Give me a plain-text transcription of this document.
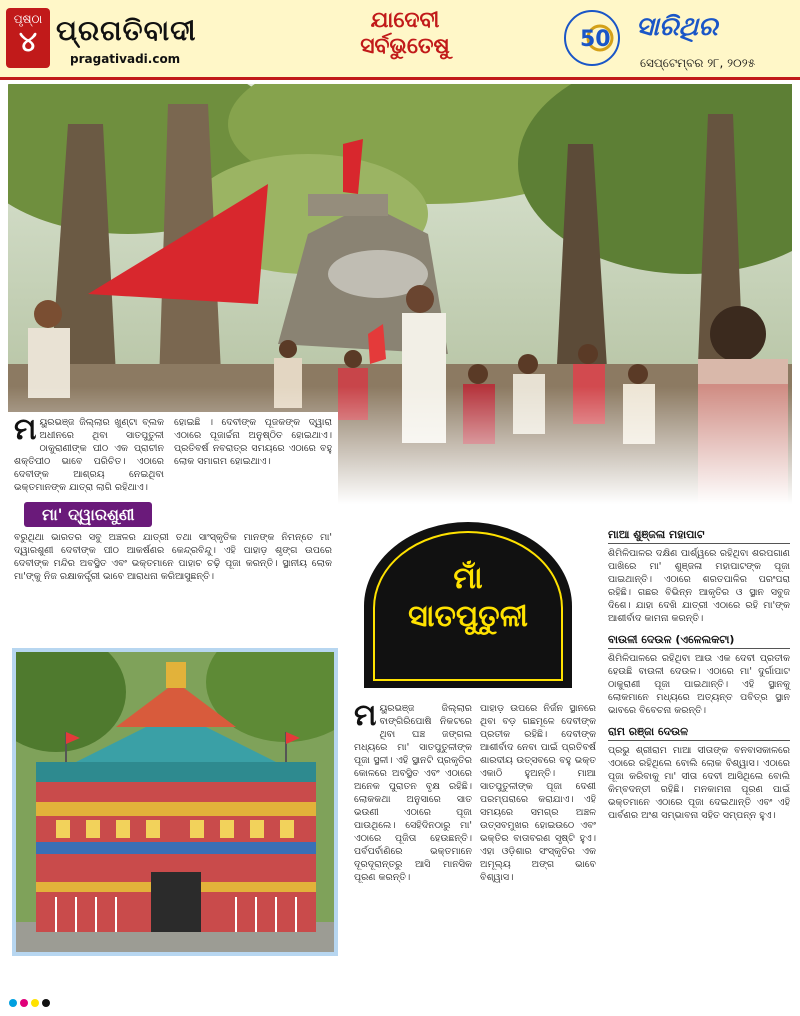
ପୃଷ୍ଠା
୪ ପ୍ରଗତିବାଦୀ
pragativadi.com
ଯାଦେବୀ
ସର୍ବଭୁତେଷୁ	50 ସାରିଥିର
ସେପ୍ଟେମ୍ବର ୨୮, ୨୦୨୫
ମ ୟୁରଭଞ୍ଜ ଜିଲ୍ଲାର ଖୁଣ୍ଟା ବ୍ଲକ ଅଧୀନରେ ଥିବା ସାତପୁତୁଳୀ ଠାକୁରାଣୀଙ୍କ ପୀଠ ଏକ ପ୍ରାଚୀନ ଶକ୍ତିପୀଠ ଭାବେ ପରିଚିତ। ଏଠାରେ ଦେବୀଙ୍କ ଆଶ୍ରୟ ନେଇଥିବା ଭକ୍ତମାନଙ୍କ ଯାତ୍ରା ଲାଗି ରହିଥାଏ।
ହୋଇଛି । ଦେବୀଙ୍କ ପୂଜକଙ୍କ ଦ୍ୱାରା ଏଠାରେ ପୂଜାର୍ଚ୍ଚନା ଅନୁଷ୍ଠିତ ହୋଇଥାଏ। ପ୍ରତିବର୍ଷ ନବରାତ୍ର ସମୟରେ ଏଠାରେ ବହୁ ଲୋକ ସମାଗମ ହୋଇଥାଏ।
ମା' ଦ୍ୱାରଶୁଣୀ
ବରୁଥିଥା ଭାରତର ସବୁ ଅଞ୍ଚଳର ଯାତ୍ରୀ ତଥା ସାଂସ୍କୃତିକ ମାନଙ୍କ ନିମନ୍ତେ ମା' ଦ୍ୱାରଶୁଣୀ ଦେବୀଙ୍କ ପୀଠ ଆକର୍ଷଣର କେନ୍ଦ୍ରବିନ୍ଦୁ। ଏହି ପାହାଡ଼ ଶୃଙ୍ଗ ଉପରେ ଦେବୀଙ୍କ ମନ୍ଦିର ଅବସ୍ଥିତ ଏବଂ ଭକ୍ତମାନେ ପାହାଚ ଚଢ଼ି ପୂଜା କରନ୍ତି। ସ୍ଥାନୀୟ ଲୋକ ମା'ଙ୍କୁ ନିଜ ରକ୍ଷାକର୍ତ୍ତ୍ରୀ ଭାବେ ଆରାଧନା କରିଆସୁଛନ୍ତି।	ମାଁ
ସାତପୁତୁଳୀ
ମ ୟୁରଭଞ୍ଜ ଜିଲ୍ଲାର ବାଙ୍ଗିରିପୋଷି ନିକଟରେ ଥିବା ଘଞ୍ଚ ଜଙ୍ଗଲ ମଧ୍ୟରେ ମା' ସାତପୁତୁଳୀଙ୍କ ପୂଜା ସ୍ଥଳୀ। ଏହି ସ୍ଥାନଟି ପ୍ରକୃତିର କୋଳରେ ଅବସ୍ଥିତ ଏବଂ ଏଠାରେ ଅନେକ ପୁରାତନ ବୃକ୍ଷ ରହିଛି। ଲୋକକଥା ଅନୁସାରେ ସାତ ଭଉଣୀ ଏଠାରେ ପୂଜା ପାଉଥିଲେ। ସେହିଦିନଠାରୁ ମା' ଏଠାରେ ପୂଜିତା ହେଉଛନ୍ତି। ପର୍ବପର୍ବାଣିରେ ଭକ୍ତମାନେ ଦୂରଦୂରାନ୍ତରୁ ଆସି ମାନସିକ ପୂରଣ କରନ୍ତି।
ପାହାଡ଼ ଉପରେ ନିର୍ଜନ ସ୍ଥାନରେ ଥିବା ବଡ଼ ଗଛମୂଳେ ଦେବୀଙ୍କ ପ୍ରତୀକ ରହିଛି। ଦେବୀଙ୍କ ଆଶୀର୍ବାଦ ନେବା ପାଇଁ ପ୍ରତିବର୍ଷ ଶାରଦୀୟ ଉତ୍ସବରେ ବହୁ ଭକ୍ତ ଏକାଠି ହୁଅନ୍ତି। ମାଆ ସାତପୁତୁଳୀଙ୍କ ପୂଜା ଦେଶୀ ପରମ୍ପରାରେ କରାଯାଏ। ଏହି ସମୟରେ ସମଗ୍ର ଅଞ୍ଚଳ ଉତ୍ସବମୁଖର ହୋଇଉଠେ ଏବଂ ଭକ୍ତିର ବାତାବରଣ ସୃଷ୍ଟି ହୁଏ। ଏହା ଓଡ଼ିଶାର ସଂସ୍କୃତିର ଏକ ଅମୂଲ୍ୟ ଅଙ୍ଗ ଭାବେ ବିଶ୍ୱାସ।
ମାଆ ଶୁଞ୍ଜଳା ମହାପାଟ
ଶିମିଳିପାଳର ଦକ୍ଷିଣ ପାର୍ଶ୍ୱରେ ରହିଥିବା ଶରପଗାଣ ପାଖିରେ ମା' ଶୁଞ୍ଜଳା ମହାପାଟଙ୍କ ପୂଜା ପାଇଥାନ୍ତି। ଏଠାରେ ଶରତପାଳିର ପରଂପରା ରହିଛି। ଗଛର ବିଭିନ୍ନ ଆକୃତିର ଓ ସ୍ଥାନ ସବୁଜ ଦିଶେ। ଯାହା ଦେଖି ଯାତ୍ରୀ ଏଠାରେ ରହି ମା'ଙ୍କ ଆଶୀର୍ବାଦ କାମନା କରନ୍ତି।
ବାଉଳୀ ଦେଉଳ (ଏଳେଲକଟା)
ଶିମିଳିପାଳରେ ରହିଥିବା ଆଉ ଏକ ଦେବୀ ପ୍ରତୀକ ହେଉଛି ବାଉଳୀ ଦେଉଳ। ଏଠାରେ ମା' ଦୁର୍ଗାପାଟ ଠାକୁରାଣୀ ପୂଜା ପାଇଥାନ୍ତି। ଏହି ସ୍ଥାନକୁ ଲୋକମାନେ ମଧ୍ୟରେ ଅତ୍ୟନ୍ତ ପବିତ୍ର ସ୍ଥାନ ଭାବରେ ବିବେଚନା କରନ୍ତି।
ରାମ ରଞ୍ଜା ଦେଉଳ
ପ୍ରଭୁ ଶ୍ରୀରାମ ମାଆ ସୀତାଙ୍କ ବନବାସକାଳରେ ଏଠାରେ ରହିଥିଲେ ବୋଲି ଲୋକ ବିଶ୍ୱାସ। ଏଠାରେ ପୂଜା କରିବାକୁ ମା' ସୀତା ଦେବୀ ଆସିଥିଲେ ବୋଲି କିମ୍ବଦନ୍ତୀ ରହିଛି। ମନକାମନା ପୂରଣ ପାଇଁ ଭକ୍ତମାନେ ଏଠାରେ ପୂଜା ଦେଇଥାନ୍ତି ଏବଂ ଏହି ପାର୍ବଣର ଅଂଶ ସମ୍ଭାବନା ସହିତ ସମ୍ପନ୍ନ ହୁଏ।
